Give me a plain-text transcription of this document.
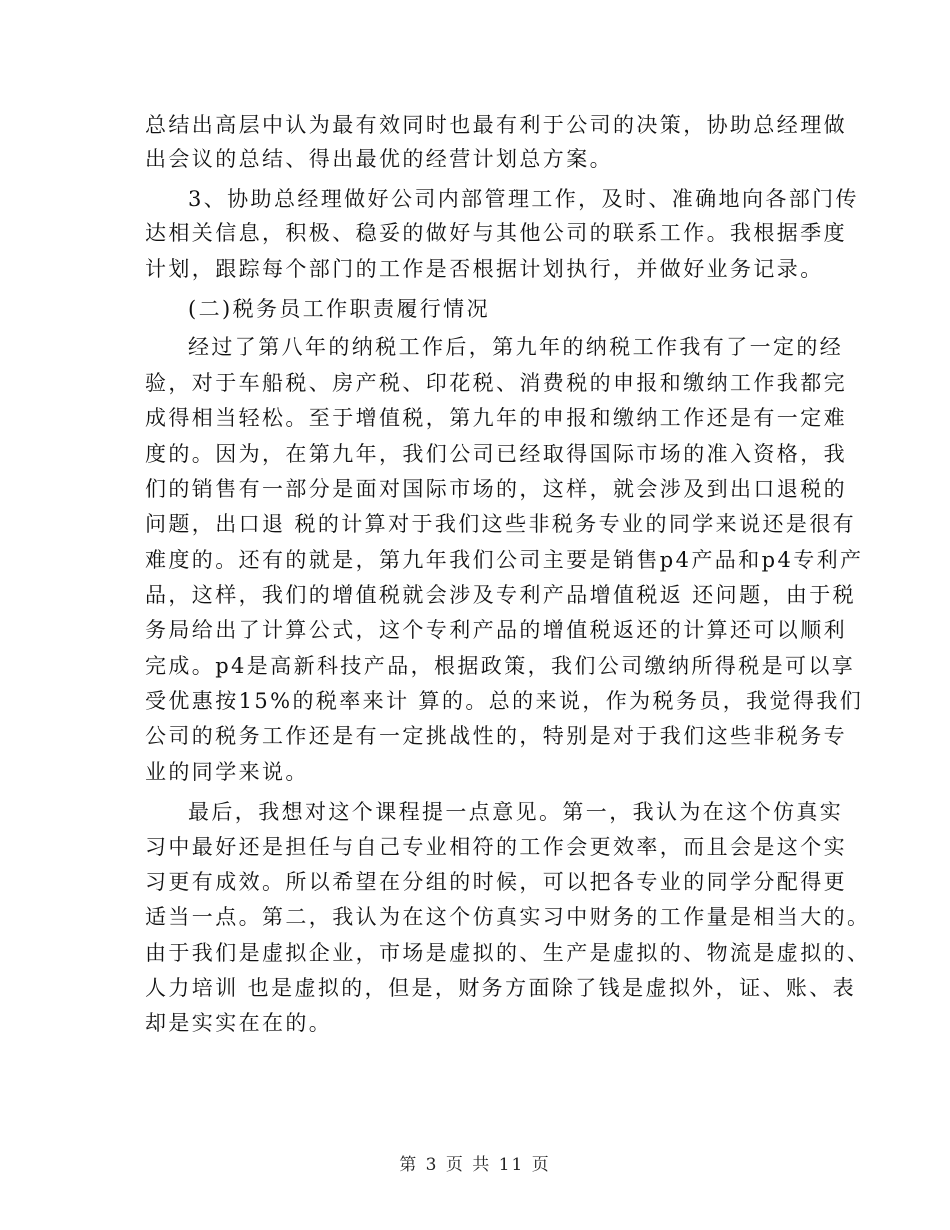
总结出高层中认为最有效同时也最有利于公司的决策，协助总经理做
出会议的总结、得出最优的经营计划总方案。
3、协助总经理做好公司内部管理工作，及时、准确地向各部门传
达相关信息，积极、稳妥的做好与其他公司的联系工作。我根据季度
计划，跟踪每个部门的工作是否根据计划执行，并做好业务记录。
(二)税务员工作职责履行情况
经过了第八年的纳税工作后，第九年的纳税工作我有了一定的经
验，对于车船税、房产税、印花税、消费税的申报和缴纳工作我都完
成得相当轻松。至于增值税，第九年的申报和缴纳工作还是有一定难
度的。因为，在第九年，我们公司已经取得国际市场的准入资格，我
们的销售有一部分是面对国际市场的，这样，就会涉及到出口退税的
问题，出口退 税的计算对于我们这些非税务专业的同学来说还是很有
难度的。还有的就是，第九年我们公司主要是销售p4产品和p4专利产
品，这样，我们的增值税就会涉及专利产品增值税返 还问题，由于税
务局给出了计算公式，这个专利产品的增值税返还的计算还可以顺利
完成。p4是高新科技产品，根据政策，我们公司缴纳所得税是可以享
受优惠按15%的税率来计 算的。总的来说，作为税务员，我觉得我们
公司的税务工作还是有一定挑战性的，特别是对于我们这些非税务专
业的同学来说。
最后，我想对这个课程提一点意见。第一，我认为在这个仿真实
习中最好还是担任与自己专业相符的工作会更效率，而且会是这个实
习更有成效。所以希望在分组的时候，可以把各专业的同学分配得更
适当一点。第二，我认为在这个仿真实习中财务的工作量是相当大的。
由于我们是虚拟企业，市场是虚拟的、生产是虚拟的、物流是虚拟的、
人力培训 也是虚拟的，但是，财务方面除了钱是虚拟外，证、账、表
却是实实在在的。
第 3 页 共 11 页
